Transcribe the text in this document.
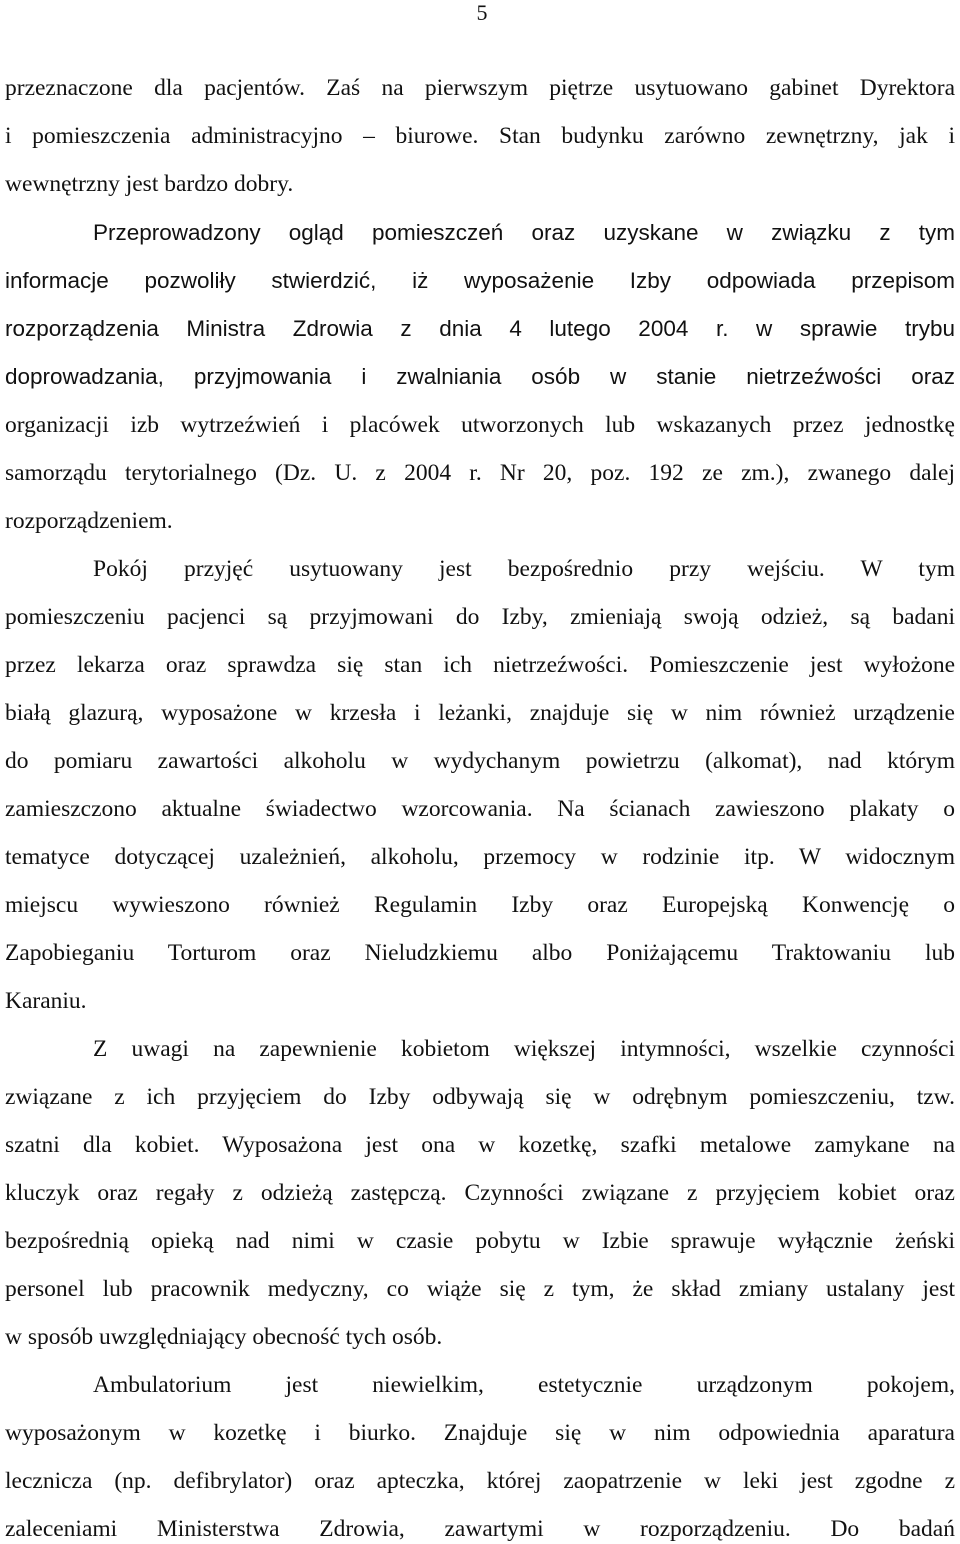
5
przeznaczone dla pacjentów. Zaś na pierwszym piętrze usytuowano gabinet Dyrektora
i pomieszczenia administracyjno – biurowe. Stan budynku zarówno zewnętrzny, jak i
wewnętrzny jest bardzo dobry.
Przeprowadzony ogląd pomieszczeń oraz uzyskane w związku z tym
informacje pozwoliły stwierdzić, iż wyposażenie Izby odpowiada przepisom
rozporządzenia Ministra Zdrowia z dnia 4 lutego 2004 r. w sprawie trybu
doprowadzania, przyjmowania i zwalniania osób w stanie nietrzeźwości oraz
organizacji izb wytrzeźwień i placówek utworzonych lub wskazanych przez jednostkę
samorządu terytorialnego (Dz. U. z 2004 r. Nr 20, poz. 192 ze zm.), zwanego dalej
rozporządzeniem.
Pokój przyjęć usytuowany jest bezpośrednio przy wejściu. W tym
pomieszczeniu pacjenci są przyjmowani do Izby, zmieniają swoją odzież, są badani
przez lekarza oraz sprawdza się stan ich nietrzeźwości. Pomieszczenie jest wyłożone
białą glazurą, wyposażone w krzesła i leżanki, znajduje się w nim również urządzenie
do pomiaru zawartości alkoholu w wydychanym powietrzu (alkomat), nad którym
zamieszczono aktualne świadectwo wzorcowania. Na ścianach zawieszono plakaty o
tematyce dotyczącej uzależnień, alkoholu, przemocy w rodzinie itp. W widocznym
miejscu wywieszono również Regulamin Izby oraz Europejską Konwencję o
Zapobieganiu Torturom oraz Nieludzkiemu albo Poniżającemu Traktowaniu lub
Karaniu.
Z uwagi na zapewnienie kobietom większej intymności, wszelkie czynności
związane z ich przyjęciem do Izby odbywają się w odrębnym pomieszczeniu, tzw.
szatni dla kobiet. Wyposażona jest ona w kozetkę, szafki metalowe zamykane na
kluczyk oraz regały z odzieżą zastępczą. Czynności związane z przyjęciem kobiet oraz
bezpośrednią opieką nad nimi w czasie pobytu w Izbie sprawuje wyłącznie żeński
personel lub pracownik medyczny, co wiąże się z tym, że skład zmiany ustalany jest
w sposób uwzględniający obecność tych osób.
Ambulatorium jest niewielkim, estetycznie urządzonym pokojem,
wyposażonym w kozetkę i biurko. Znajduje się w nim odpowiednia aparatura
lecznicza (np. defibrylator) oraz apteczka, której zaopatrzenie w leki jest zgodne z
zaleceniami Ministerstwa Zdrowia, zawartymi w rozporządzeniu. Do badań
